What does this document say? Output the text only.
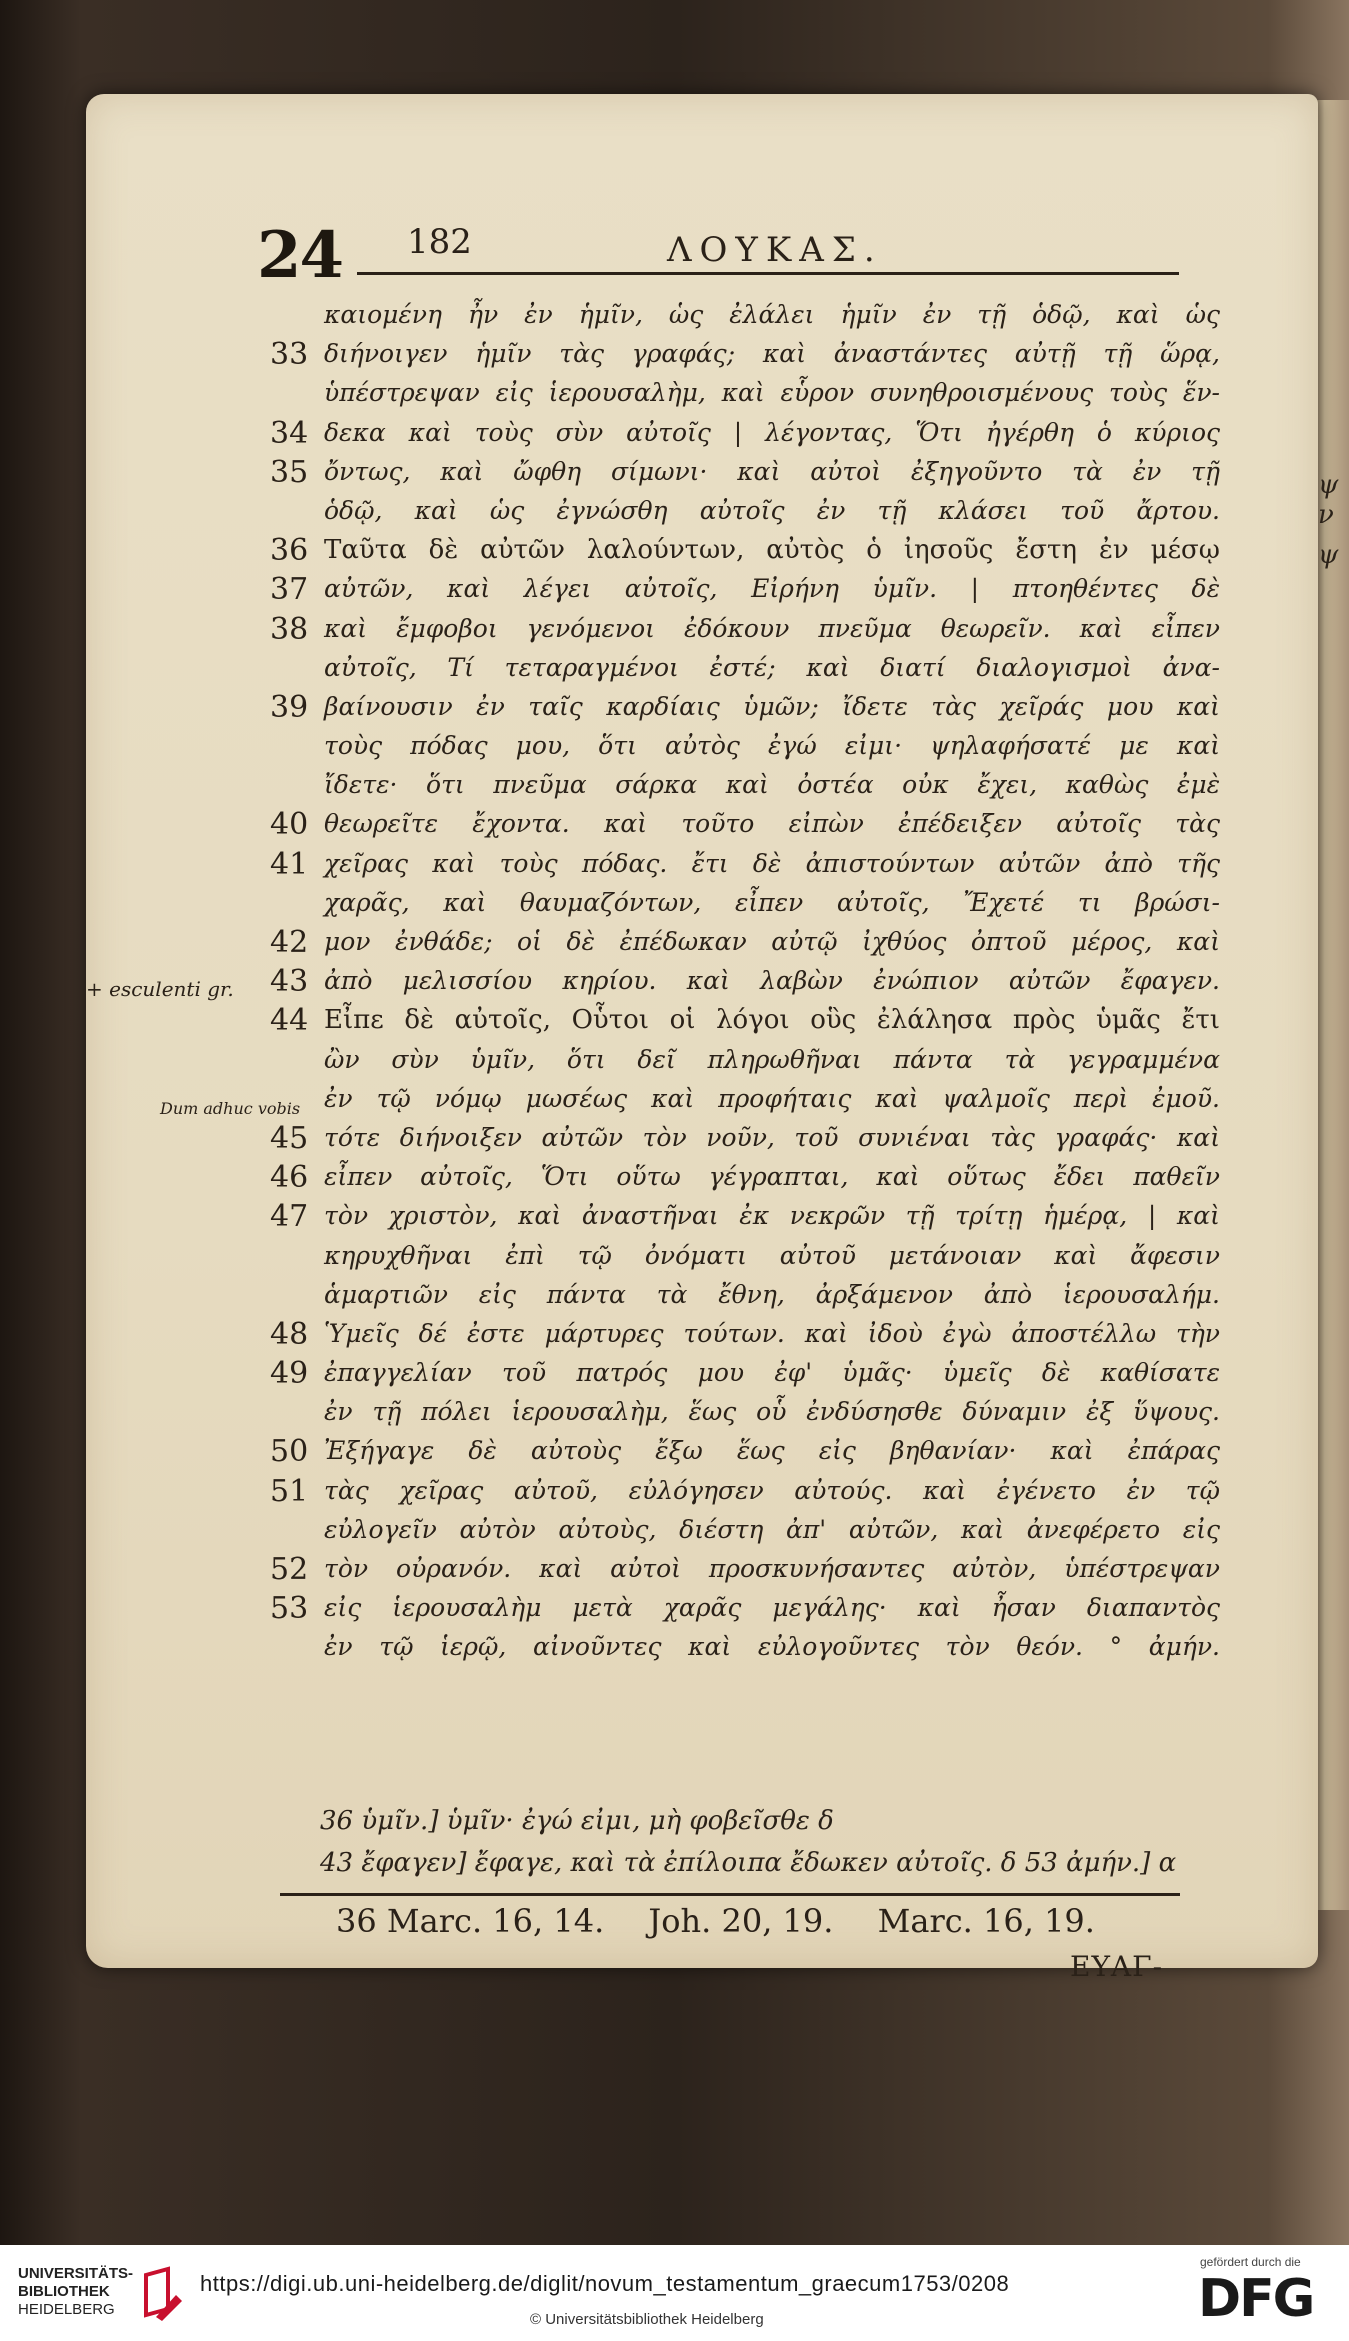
24 182	ΛΟΥΚΑΣ.
καιομένη ἦν ἐν ἡμῖν, ὡς ἐλάλει ἡμῖν ἐν τῇ ὁδῷ, καὶ ὡς
33 διήνοιγεν ἡμῖν τὰς γραφάς; καὶ ἀναστάντες αὐτῇ τῇ ὥρᾳ,
ὑπέστρεψαν εἰς ἱερουσαλὴμ, καὶ εὗρον συνηθροισμένους τοὺς ἕν-
34 δεκα καὶ τοὺς σὺν αὐτοῖς | λέγοντας, Ὅτι ἠγέρθη ὁ κύριος
35 ὄντως, καὶ ὤφθη σίμωνι· καὶ αὐτοὶ ἐξηγοῦντο τὰ ἐν τῇ
ὁδῷ, καὶ ὡς ἐγνώσθη αὐτοῖς ἐν τῇ κλάσει τοῦ ἄρτου.
36 Ταῦτα δὲ αὐτῶν λαλούντων, αὐτὸς ὁ ἰησοῦς ἔστη ἐν μέσῳ
37 αὐτῶν, καὶ λέγει αὐτοῖς, Εἰρήνη ὑμῖν. | πτοηθέντες δὲ
38 καὶ ἔμφοβοι γενόμενοι ἐδόκουν πνεῦμα θεωρεῖν. καὶ εἶπεν
αὐτοῖς, Τί τεταραγμένοι ἐστέ; καὶ διατί διαλογισμοὶ ἀνα-
39 βαίνουσιν ἐν ταῖς καρδίαις ὑμῶν; ἴδετε τὰς χεῖράς μου καὶ
τοὺς πόδας μου, ὅτι αὐτὸς ἐγώ εἰμι· ψηλαφήσατέ με καὶ
ἴδετε· ὅτι πνεῦμα σάρκα καὶ ὀστέα οὐκ ἔχει, καθὼς ἐμὲ
40 θεωρεῖτε ἔχοντα. καὶ τοῦτο εἰπὼν ἐπέδειξεν αὐτοῖς τὰς
41 χεῖρας καὶ τοὺς πόδας. ἔτι δὲ ἀπιστούντων αὐτῶν ἀπὸ τῆς
χαρᾶς, καὶ θαυμαζόντων, εἶπεν αὐτοῖς, Ἔχετέ τι βρώσι-
42 μον ἐνθάδε; οἱ δὲ ἐπέδωκαν αὐτῷ ἰχθύος ὀπτοῦ μέρος, καὶ
43 ἀπὸ μελισσίου κηρίου. καὶ λαβὼν ἐνώπιον αὐτῶν ἔφαγεν.
44 Εἶπε δὲ αὐτοῖς, Οὗτοι οἱ λόγοι οὓς ἐλάλησα πρὸς ὑμᾶς ἔτι
ὢν σὺν ὑμῖν, ὅτι δεῖ πληρωθῆναι πάντα τὰ γεγραμμένα
ἐν τῷ νόμῳ μωσέως καὶ προφήταις καὶ ψαλμοῖς περὶ ἐμοῦ.
45 τότε διήνοιξεν αὐτῶν τὸν νοῦν, τοῦ συνιέναι τὰς γραφάς· καὶ
46 εἶπεν αὐτοῖς, Ὅτι οὕτω γέγραπται, καὶ οὕτως ἔδει παθεῖν
47 τὸν χριστὸν, καὶ ἀναστῆναι ἐκ νεκρῶν τῇ τρίτῃ ἡμέρᾳ, | καὶ
κηρυχθῆναι ἐπὶ τῷ ὀνόματι αὐτοῦ μετάνοιαν καὶ ἄφεσιν
ἁμαρτιῶν εἰς πάντα τὰ ἔθνη, ἀρξάμενον ἀπὸ ἱερουσαλήμ.
48 Ὑμεῖς δέ ἐστε μάρτυρες τούτων. καὶ ἰδοὺ ἐγὼ ἀποστέλλω τὴν
49 ἐπαγγελίαν τοῦ πατρός μου ἐφ' ὑμᾶς· ὑμεῖς δὲ καθίσατε
ἐν τῇ πόλει ἱερουσαλὴμ, ἕως οὗ ἐνδύσησθε δύναμιν ἐξ ὕψους.
50 Ἐξήγαγε δὲ αὐτοὺς ἔξω ἕως εἰς βηθανίαν· καὶ ἐπάρας
51 τὰς χεῖρας αὐτοῦ, εὐλόγησεν αὐτούς. καὶ ἐγένετο ἐν τῷ
εὐλογεῖν αὐτὸν αὐτοὺς, διέστη ἀπ' αὐτῶν, καὶ ἀνεφέρετο εἰς
52 τὸν οὐρανόν. καὶ αὐτοὶ προσκυνήσαντες αὐτὸν, ὑπέστρεψαν
53 εἰς ἱερουσαλὴμ μετὰ χαρᾶς μεγάλης· καὶ ἦσαν διαπαντὸς
ἐν τῷ ἱερῷ, αἰνοῦντες καὶ εὐλογοῦντες τὸν θεόν. ° ἀμήν.
+ esculenti gr.
Dum adhuc vobis
ψ
ν
ψ
36 ὑμῖν.] ὑμῖν· ἐγώ εἰμι, μὴ φοβεῖσθε δ
43 ἔφαγεν] ἔφαγε, καὶ τὰ ἐπίλοιπα ἔδωκεν αὐτοῖς. δ 53 ἀμήν.] α
36 Marc. 16, 14. Joh. 20, 19. Marc. 16, 19.
ΕΥΑΓ-
UNIVERSITÄTS-
BIBLIOTHEK
HEIDELBERG
https://digi.ub.uni-heidelberg.de/diglit/novum_testamentum_graecum1753/0208
© Universitätsbibliothek Heidelberg
gefördert durch die
DFG
